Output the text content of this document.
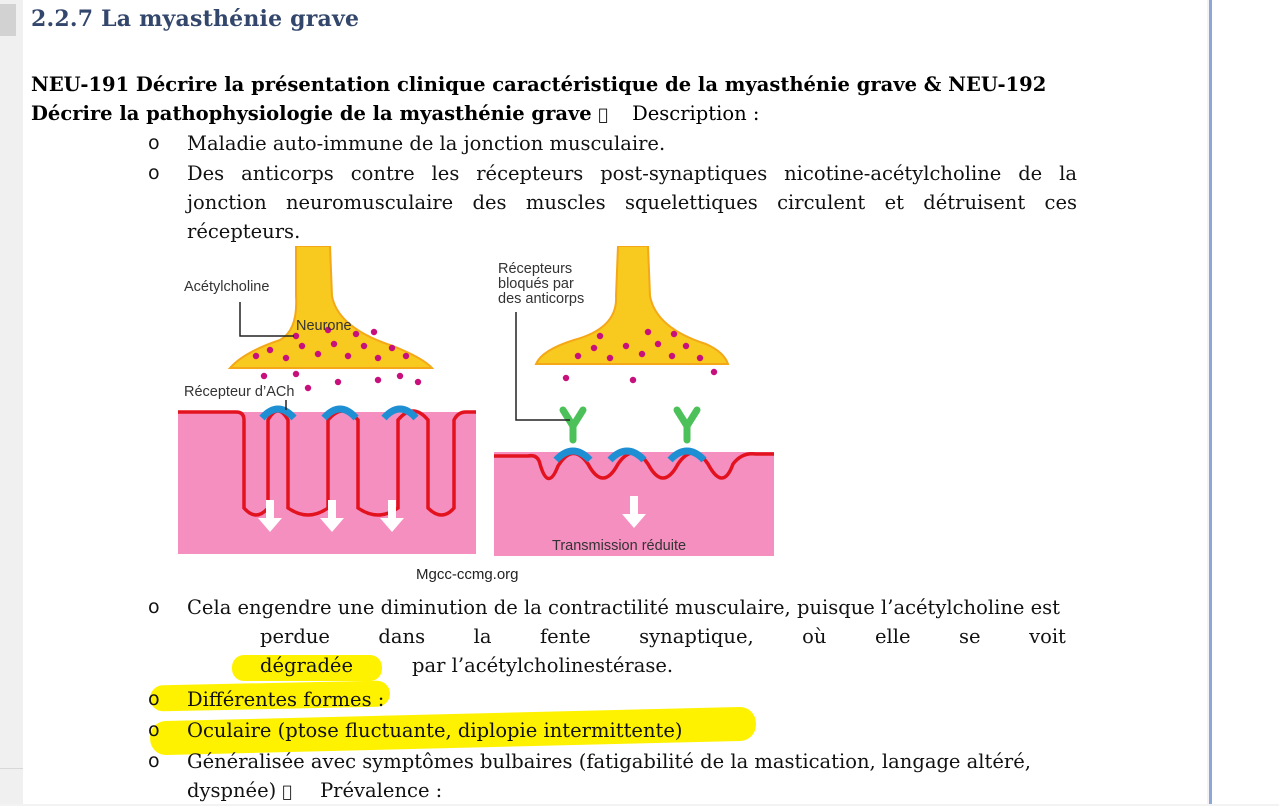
2.2.7 La myasthénie grave
NEU-191 Décrire la présentation clinique caractéristique de la myasthénie grave & NEU-192
Décrire la pathophysiologie de la myasthénie grave Description :
o Maladie auto-immune de la jonction musculaire.
o Des anticorps contre les récepteurs post-synaptiques nicotine-acétylcholine de la jonction neuromusculaire des muscles squelettiques circulent et détruisent ces récepteurs.
Acétylcholine
Neurone
Récepteur d’ACh
Récepteurs
bloqués par
des anticorps
Transmission réduite
Mgcc-ccmg.org
o Cela engendre une diminution de la contractilité musculaire, puisque l’acétylcholine est
perdue dans la fente synaptique, où elle se voit
dégradée	par l’acétylcholinestérase.
o Différentes formes :
o Oculaire (ptose fluctuante, diplopie intermittente)
o Généralisée avec symptômes bulbaires (fatigabilité de la mastication, langage altéré,
dyspnée) Prévalence :
